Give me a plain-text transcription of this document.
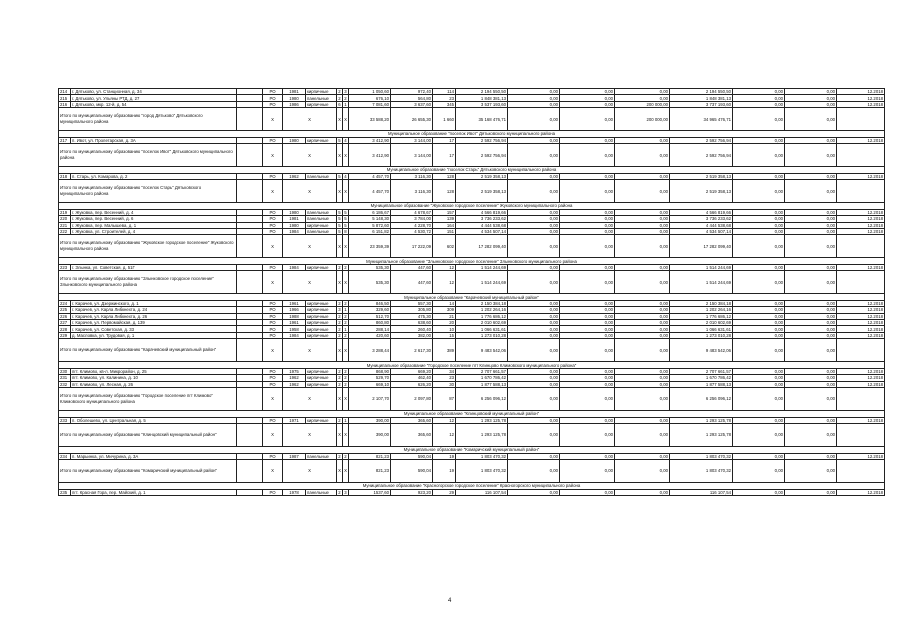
214	г. Дятьково, ул. Станционная, д. 34		РО	1981	кирпичные	2	3	1 050,60	972,40	114	2 194 550,50	0,00	0,00	0,00	2 194 550,50	0,00	0,00	12.2018
215	г. Дятьково, ул. Ульяны РТД, д. 27		РО	1980	панельные	2	2	676,10	564,80	23	1 848 381,13	0,00	0,00	0,00	1 848 381,13	0,00	0,00	12.2018
216	г. Дятьково, мкр. 12-й, д. 54		РО	1986	кирпичные	6	1	7 081,60	3 637,60	345	3 537 193,60	0,00	0,00	200 000,00	3 737 193,60	0,00	0,00	12.2018
Итого по муниципальному образованию "город Дятьково" Дятьковского муниципального района			X	X		X	X	33 588,20	26 655,30	1 660	35 168 476,71	0,00	0,00	200 000,00	34 965 476,71	0,00	0,00	
Муниципальное образование "поселок Ивот" Дятьковского муниципального района																		
217	п. Ивот, ул. Пролетарская, д. 3А		РО	1980	кирпичные	5	4	3 412,90	3 144,00	17	2 592 756,94	0,00	0,00	0,00	2 592 756,94	0,00	0,00	12.2018
Итого по муниципальному образованию "поселок Ивот" Дятьковского муниципального района			X	X		X	X	3 412,90	3 144,00	17	2 592 756,94	0,00	0,00	0,00	2 592 756,94	0,00	0,00	
Муниципальное образование "поселок Старь" Дятьковского муниципального района																		
218	п. Старь, ул. Комарова, д. 2		РО	1962	панельные	5	4	4 457,70	3 116,30	128	2 519 358,13	0,00	0,00	0,00	2 519 358,13	0,00	0,00	12.2018
Итого по муниципальному образованию "поселок Старь" Дятьковского муниципального района			X	X		X	X	4 457,70	3 116,30	128	2 519 358,13	0,00	0,00	0,00	2 519 358,13	0,00	0,00	
Муниципальное образование "Жуковское городское поселение" Жуковского муниципального района																		
219	г. Жуковка, пер. Весенний, д. 4		РО	1980	панельные	5	5	6 186,67	4 678,67	157	4 566 819,66	0,00	0,00	0,00	4 566 819,66	0,00	0,00	12.2018
220	г. Жуковка, пер. Весенний, д. 6		РО	1981	панельные	5	5	5 148,30	3 784,00	139	3 736 233,62	0,00	0,00	0,00	3 736 233,62	0,00	0,00	12.2018
221	г. Жуковка, пер. Малышева, д. 1		РО	1980	кирпичные	5	5	5 872,60	4 228,70	164	4 444 538,68	0,00	0,00	0,00	4 444 538,68	0,00	0,00	12.2018
222	г. Жуковка, ул. Строителей, д. 4		РО	1984	панельные	5	8	6 151,82	4 530,72	151	4 534 507,14	0,00	0,00	0,00	4 534 507,14	0,00	0,00	12.2018
Итого по муниципальному образованию "Жуковское городское поселение" Жуковского муниципального района			X	X		X	X	23 359,39	17 222,09	602	17 282 099,40	0,00	0,00	0,00	17 282 099,40	0,00	0,00	
Муниципальное образование "Злынковское городское поселение" Злынковского муниципального района																		
223	г. Злынка, ул. Советская, д. 51Г		РО	1984	кирпичные	2	2	535,30	447,60	12	1 514 244,69	0,00	0,00	0,00	1 514 244,69	0,00	0,00	12.2018
Итого по муниципальному образованию "Злынковское городское поселение" Злынковского муниципального района			X	X		X	X	535,30	447,60	12	1 514 244,69	0,00	0,00	0,00	1 514 244,69	0,00	0,00	
Муниципальное образование "Карачевский муниципальный район"																		
224	г. Карачев, ул. Дзержинского, д. 1		РО	1961	кирпичные	2	2	846,50	557,30	14	2 150 384,18	0,00	0,00	0,00	2 150 384,18	0,00	0,00	12.2018
225	г. Карачев, ул. Карла Либкнехта, д. 24		РО	1966	кирпичные	3	1	329,60	305,80	309	1 202 264,16	0,00	0,00	0,00	1 202 264,16	0,00	0,00	12.2018
226	г. Карачев, ул. Карла Либкнехта, д. 26		РО	1988	кирпичные	2	2	512,70	475,30	21	1 776 686,12	0,00	0,00	0,00	1 776 686,12	0,00	0,00	12.2018
227	г. Карачев, ул. Первомайская, д. 139		РО	1961	кирпичные	2	2	860,80	638,60	20	2 010 602,69	0,00	0,00	0,00	2 010 602,69	0,00	0,00	12.2018
228	г. Карачев, ул. Советская, д. 33		РО	1958	кирпичные	2	1	288,14	260,40	10	1 066 631,61	0,00	0,00	0,00	1 066 631,61	0,00	0,00	12.2018
229	д. Масловка, ул. Трудовая, д. 1		РО	1984	кирпичные	2	2	420,60	382,00	15	1 273 010,28	0,00	0,00	0,00	1 273 010,28	0,00	0,00	12.2018
Итого по муниципальному образованию "Карачевский муниципальный район"			X	X		X	X	3 288,44	2 617,30	389	9 483 542,06	0,00	0,00	0,00	9 483 542,06	0,00	0,00	
Муниципальное образование "Городское поселение пгт Клинцово Климовского муниципального района"																		
230	пгт. Климово, кв-л. Микрорайон, д. 25		РО	1975	кирпичные	2	2	868,90	669,20	34	2 707 661,57	0,00	0,00	0,00	2 707 661,57	0,00	0,00	12.2018
231	пгт. Климово, ул. Калинина, д. 10		РО	1962	кирпичные	2	2	529,70	462,40	23	1 670 786,42	0,00	0,00	0,00	1 670 786,42	0,00	0,00	12.2018
232	пгт. Климово, ул. Лесная, д. 26		РО	1962	кирпичные	2	2	669,10	626,20	30	1 877 588,13	0,00	0,00	0,00	1 877 588,13	0,00	0,00	12.2018
Итого по муниципальному образованию "Городское поселение пгт Климово" Климовского муниципального района			X	X		X	X	2 107,70	2 097,80	87	6 256 096,12	0,00	0,00	0,00	6 256 096,12	0,00	0,00	
Муниципальное образование "Клинцовский муниципальный район"																		
233	п. Оболешево, ул. Центральная, д. 5		РО	1971	кирпичные	2	1	390,00	365,60	12	1 293 125,78	0,00	0,00	0,00	1 293 125,78	0,00	0,00	12.2018
Итого по муниципальному образованию "Клинцовский муниципальный район"			X	X		X	X	390,00	365,60	12	1 293 125,78	0,00	0,00	0,00	1 293 125,78	0,00	0,00	
Муниципальное образование "Комаричский муниципальный район"																		
234	п. Марьинка, ул. Мичурина, д. 3А		РО	1987	панельные	2	2	821,23	590,04	19	1 803 470,32	0,00	0,00	0,00	1 803 470,32	0,00	0,00	12.2018
Итого по муниципальному образованию "Комаричский муниципальный район"			X	X		X	X	821,23	590,04	19	1 803 470,32	0,00	0,00	0,00	1 803 470,32	0,00	0,00	
Муниципальное образование "Красногорское городское поселение" Красногорского муниципального района																		
235	пгт. Красная Гора, пер. Майский, д. 1		РО	1978	панельные	2	3	1537,60	923,20	29	116 107,54	0,00	0,00	0,00	116 107,54	0,00	0,00	12.2018
4
